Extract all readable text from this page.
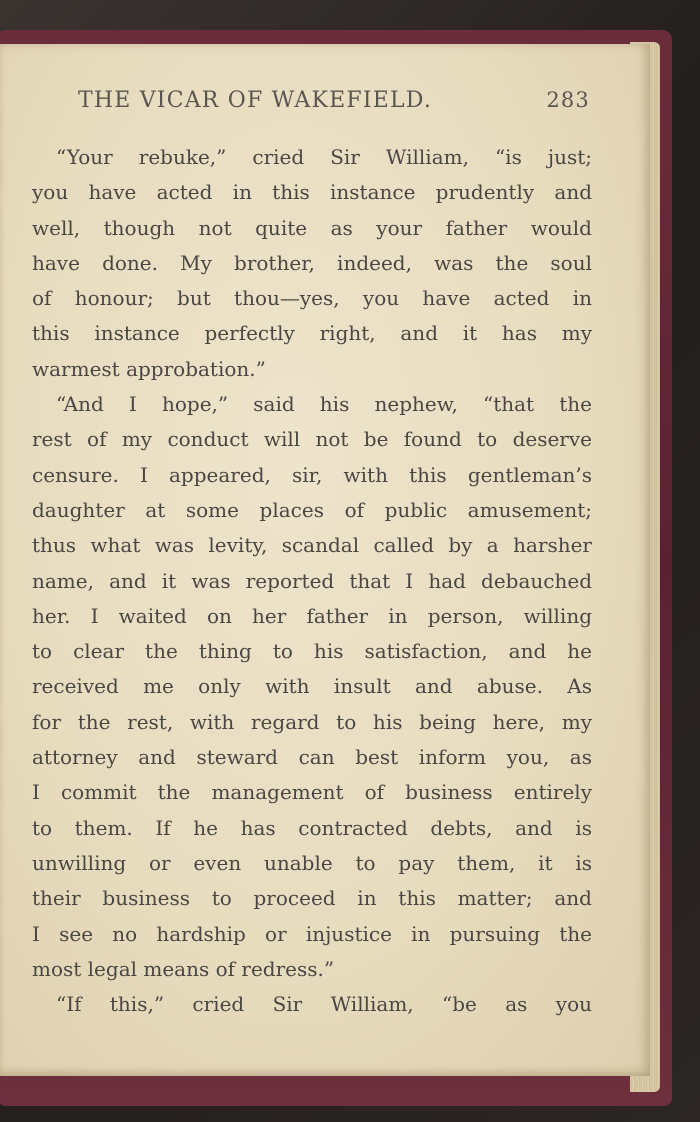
THE VICAR OF WAKEFIELD.	283
“Your rebuke,” cried Sir William, “is just;
you have acted in this instance prudently and
well, though not quite as your father would
have done. My brother, indeed, was the soul
of honour; but thou—yes, you have acted in
this instance perfectly right, and it has my
warmest approbation.”
“And I hope,” said his nephew, “that the
rest of my conduct will not be found to deserve
censure. I appeared, sir, with this gentleman’s
daughter at some places of public amusement;
thus what was levity, scandal called by a harsher
name, and it was reported that I had debauched
her. I waited on her father in person, willing
to clear the thing to his satisfaction, and he
received me only with insult and abuse. As
for the rest, with regard to his being here, my
attorney and steward can best inform you, as
I commit the management of business entirely
to them. If he has contracted debts, and is
unwilling or even unable to pay them, it is
their business to proceed in this matter; and
I see no hardship or injustice in pursuing the
most legal means of redress.”
“If this,” cried Sir William, “be as you
